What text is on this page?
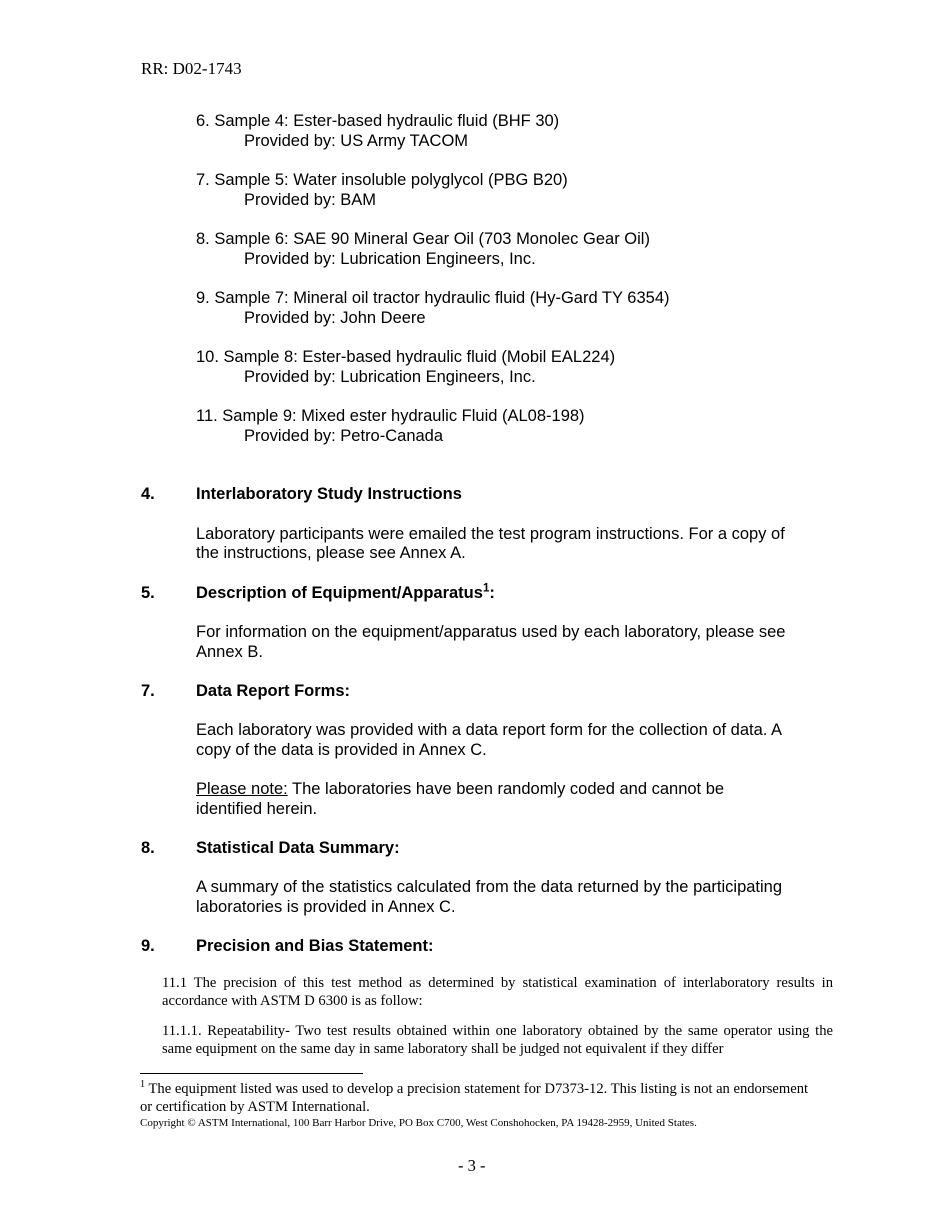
RR: D02-1743
6. Sample 4: Ester-based hydraulic fluid (BHF 30)
Provided by: US Army TACOM
7. Sample 5: Water insoluble polyglycol (PBG B20)
Provided by: BAM
8. Sample 6: SAE 90 Mineral Gear Oil (703 Monolec Gear Oil)
Provided by: Lubrication Engineers, Inc.
9. Sample 7: Mineral oil tractor hydraulic fluid (Hy-Gard TY 6354)
Provided by: John Deere
10. Sample 8: Ester-based hydraulic fluid (Mobil EAL224)
Provided by: Lubrication Engineers, Inc.
11. Sample 9: Mixed ester hydraulic Fluid (AL08-198)
Provided by: Petro-Canada
4. Interlaboratory Study Instructions
Laboratory participants were emailed the test program instructions. For a copy of
the instructions, please see Annex A.
5. Description of Equipment/Apparatus$^1$:
For information on the equipment/apparatus used by each laboratory, please see
Annex B.
7. Data Report Forms:
Each laboratory was provided with a data report form for the collection of data. A
copy of the data is provided in Annex C.
Please note: The laboratories have been randomly coded and cannot be
identified herein.
8. Statistical Data Summary:
A summary of the statistics calculated from the data returned by the participating
laboratories is provided in Annex C.
9. Precision and Bias Statement:
11.1 The precision of this test method as determined by statistical examination of interlaboratory results in accordance with ASTM D 6300 is as follow:
11.1.1. Repeatability- Two test results obtained within one laboratory obtained by the same operator using the same equipment on the same day in same laboratory shall be judged not equivalent if they differ
$^1$ The equipment listed was used to develop a precision statement for D7373-12. This listing is not an endorsement or certification by ASTM International.
Copyright © ASTM International, 100 Barr Harbor Drive, PO Box C700, West Conshohocken, PA 19428-2959, United States.
- 3 -
